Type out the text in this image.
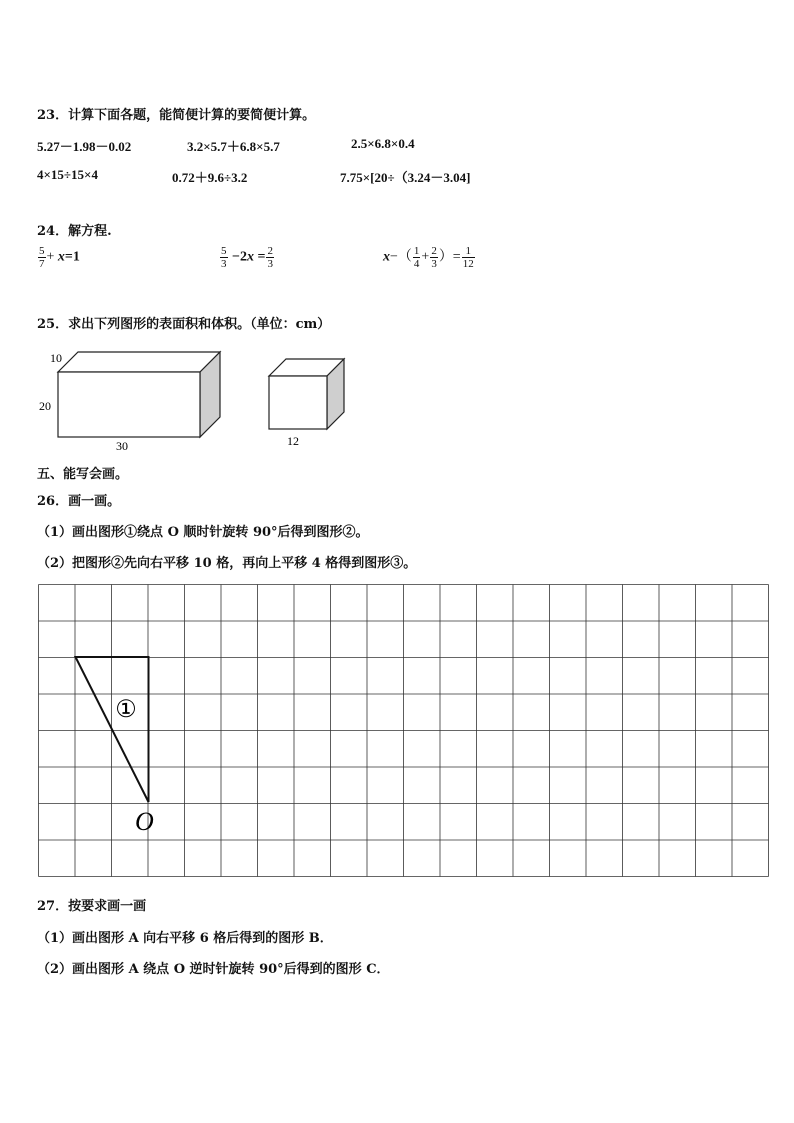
23．计算下面各题，能简便计算的要简便计算。
5.27－1.98－0.02	3.2×5.7＋6.8×5.7	2.5×6.8×0.4
4×15÷15×4	0.72＋9.6÷3.2	7.75×[20÷（3.24－3.04]
24．解方程.
$\frac{5}{7} + x=1$	$\frac{5}{3} -2x = \frac{2}{3}$	$x-( \frac{1}{4} + \frac{2}{3}$ ）= $\frac{1}{12}$
25．求出下列图形的表面积和体积。（单位：cm）
10
20
30	12
五、能写会画。
26．画一画。
（1）画出图形①绕点 O 顺时针旋转 90°后得到图形②。
（2）把图形②先向右平移 10 格，再向上平移 4 格得到图形③。
①
O
27．按要求画一画
（1）画出图形 A 向右平移 6 格后得到的图形 B．
（2）画出图形 A 绕点 O 逆时针旋转 90°后得到的图形 C．
